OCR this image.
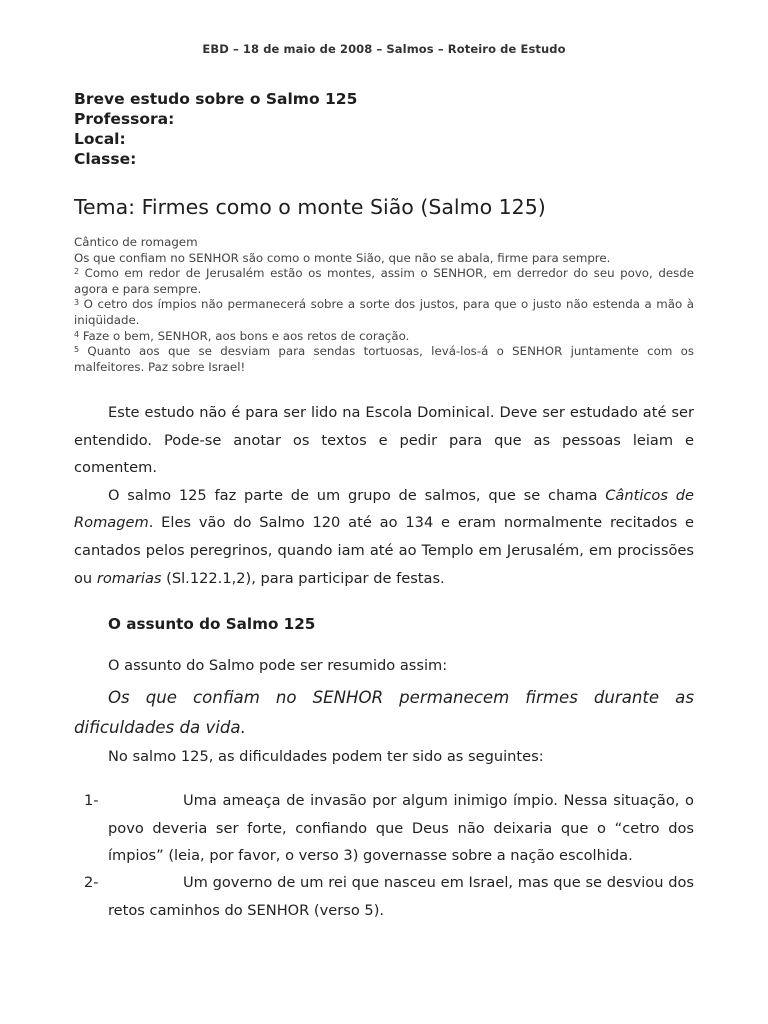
EBD – 18 de maio de 2008 – Salmos – Roteiro de Estudo
Breve estudo sobre o Salmo 125
Professora:
Local:
Classe:
Tema: Firmes como o monte Sião (Salmo 125)

Cântico de romagem

Os que confiam no SENHOR são como o monte Sião, que não se abala, firme para sempre.

$^2$ Como em redor de Jerusalém estão os montes, assim o SENHOR, em derredor do seu povo, desde agora e para sempre.

$^3$ O cetro dos ímpios não permanecerá sobre a sorte dos justos, para que o justo não estenda a mão à iniqüidade.

$^4$ Faze o bem, SENHOR, aos bons e aos retos de coração.

$^5$ Quanto aos que se desviam para sendas tortuosas, levá-los-á o SENHOR juntamente com os malfeitores. Paz sobre Israel!

Este estudo não é para ser lido na Escola Dominical. Deve ser estudado até ser entendido. Pode-se anotar os textos e pedir para que as pessoas leiam e comentem.

O salmo 125 faz parte de um grupo de salmos, que se chama Cânticos de Romagem. Eles vão do Salmo 120 até ao 134 e eram normalmente recitados e cantados pelos peregrinos, quando iam até ao Templo em Jerusalém, em procissões ou romarias (Sl.122.1,2), para participar de festas.

O assunto do Salmo 125
O assunto do Salmo pode ser resumido assim:
Os que confiam no SENHOR permanecem firmes durante as dificuldades da vida.
No salmo 125, as dificuldades podem ter sido as seguintes:
1-	Uma ameaça de invasão por algum inimigo ímpio. Nessa situação, o povo deveria ser forte, confiando que Deus não deixaria que o “cetro dos ímpios” (leia, por favor, o verso 3) governasse sobre a nação escolhida.
2-	Um governo de um rei que nasceu em Israel, mas que se desviou dos retos caminhos do SENHOR (verso 5).
